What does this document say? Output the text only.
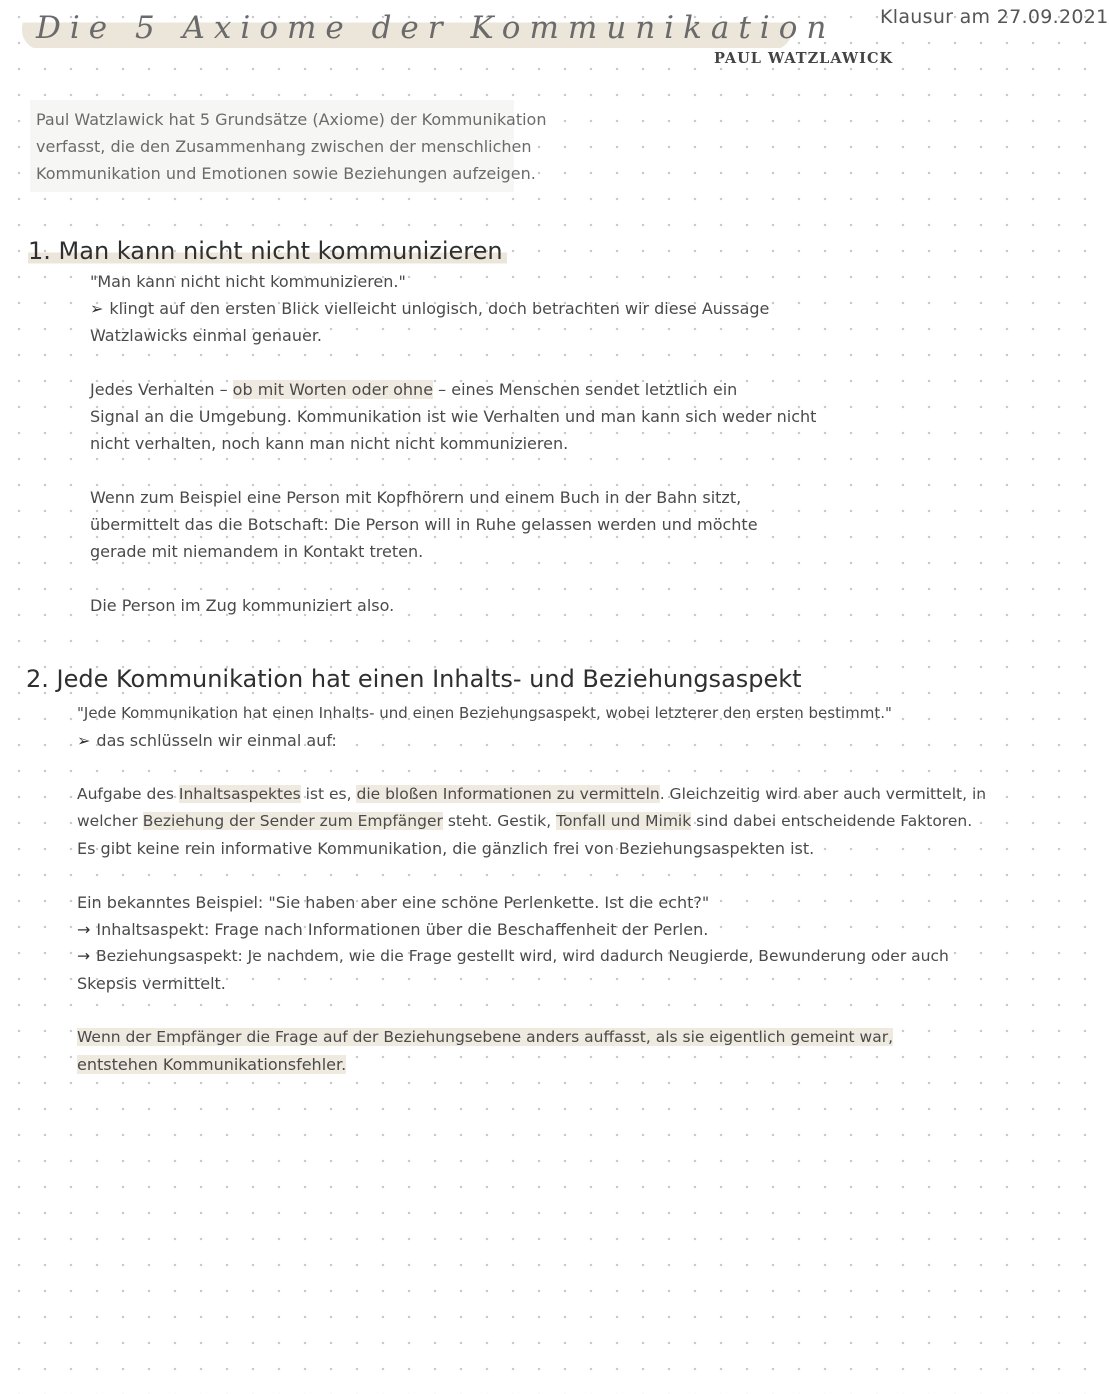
Die 5 Axiome der Kommunikation
PAUL WATZLAWICK
Klausur am 27.09.2021

Paul Watzlawick hat 5 Grundsätze (Axiome) der Kommunikation

verfasst, die den Zusammenhang zwischen der menschlichen

Kommunikation und Emotionen sowie Beziehungen aufzeigen.

1. Man kann nicht nicht kommunizieren

"Man kann nicht nicht kommunizieren."

➢ klingt auf den ersten Blick vielleicht unlogisch, doch betrachten wir diese Aussage

Watzlawicks einmal genauer.

Jedes Verhalten – ob mit Worten oder ohne – eines Menschen sendet letztlich ein

Signal an die Umgebung. Kommunikation ist wie Verhalten und man kann sich weder nicht

nicht verhalten, noch kann man nicht nicht kommunizieren.

Wenn zum Beispiel eine Person mit Kopfhörern und einem Buch in der Bahn sitzt,

übermittelt das die Botschaft: Die Person will in Ruhe gelassen werden und möchte

gerade mit niemandem in Kontakt treten.

Die Person im Zug kommuniziert also.

2. Jede Kommunikation hat einen Inhalts- und Beziehungsaspekt

"Jede Kommunikation hat einen Inhalts- und einen Beziehungsaspekt, wobei letzterer den ersten bestimmt."

➢ das schlüsseln wir einmal auf:

Aufgabe des Inhaltsaspektes ist es, die bloßen Informationen zu vermitteln. Gleichzeitig wird aber auch vermittelt, in

welcher Beziehung der Sender zum Empfänger steht. Gestik, Tonfall und Mimik sind dabei entscheidende Faktoren.

Es gibt keine rein informative Kommunikation, die gänzlich frei von Beziehungsaspekten ist.

Ein bekanntes Beispiel: "Sie haben aber eine schöne Perlenkette. Ist die echt?"

→ Inhaltsaspekt: Frage nach Informationen über die Beschaffenheit der Perlen.

→ Beziehungsaspekt: Je nachdem, wie die Frage gestellt wird, wird dadurch Neugierde, Bewunderung oder auch

Skepsis vermittelt.

Wenn der Empfänger die Frage auf der Beziehungsebene anders auffasst, als sie eigentlich gemeint war,

entstehen Kommunikationsfehler.
